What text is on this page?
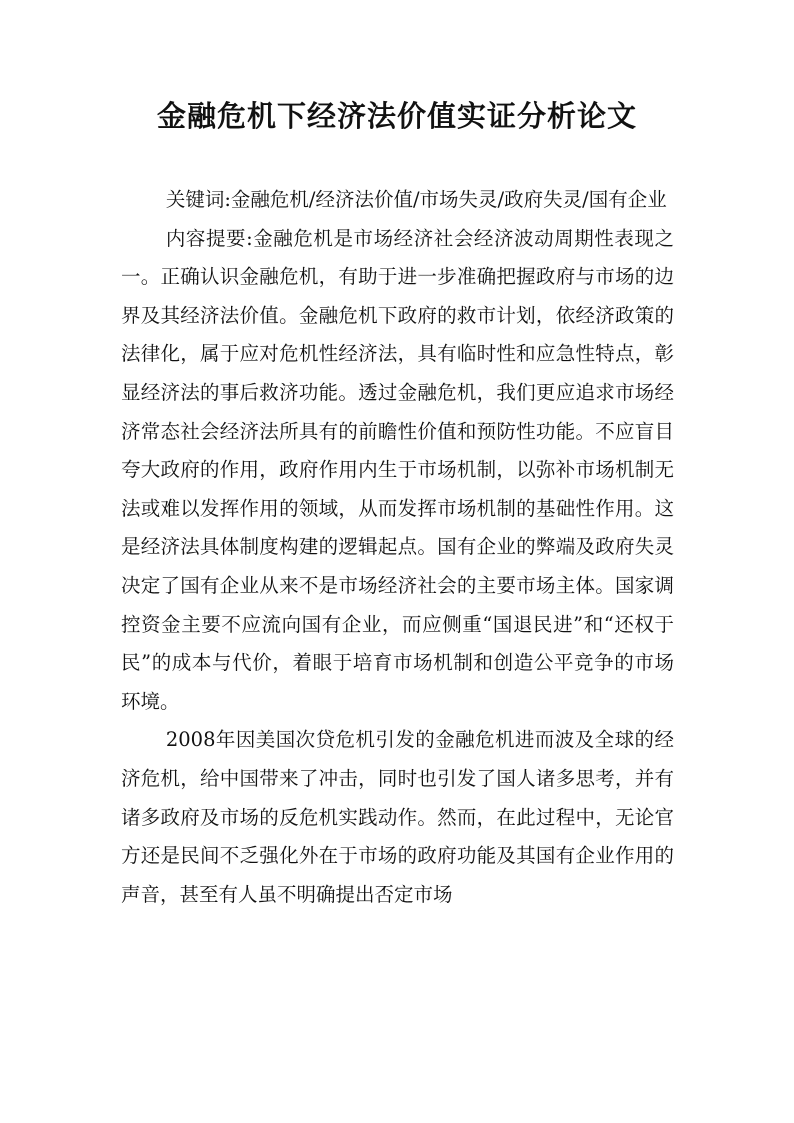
金融危机下经济法价值实证分析论文

关键词:金融危机/经济法价值/市场失灵/政府失灵/国有企业

内容提要:金融危机是市场经济社会经济波动周期性表现之一。正确认识金融危机，有助于进一步准确把握政府与市场的边界及其经济法价值。金融危机下政府的救市计划，依经济政策的法律化，属于应对危机性经济法，具有临时性和应急性特点，彰显经济法的事后救济功能。透过金融危机，我们更应追求市场经济常态社会经济法所具有的前瞻性价值和预防性功能。不应盲目夸大政府的作用，政府作用内生于市场机制，以弥补市场机制无法或难以发挥作用的领域，从而发挥市场机制的基础性作用。这是经济法具体制度构建的逻辑起点。国有企业的弊端及政府失灵决定了国有企业从来不是市场经济社会的主要市场主体。国家调控资金主要不应流向国有企业，而应侧重“国退民进”和“还权于民”的成本与代价，着眼于培育市场机制和创造公平竞争的市场环境。

2008年因美国次贷危机引发的金融危机进而波及全球的经济危机，给中国带来了冲击，同时也引发了国人诸多思考，并有诸多政府及市场的反危机实践动作。然而，在此过程中，无论官方还是民间不乏强化外在于市场的政府功能及其国有企业作用的声音，甚至有人虽不明确提出否定市场
